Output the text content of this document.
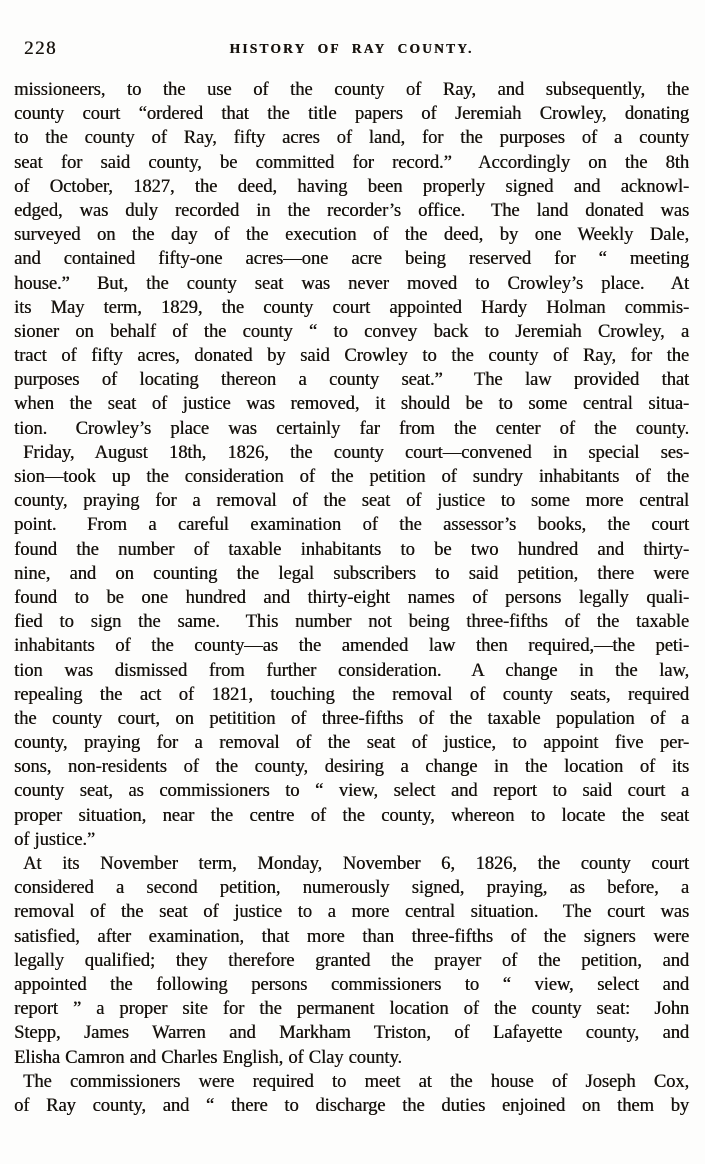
228	HISTORY OF RAY COUNTY.
missioneers, to the use of the county of Ray, and subsequently, the
county court “ordered that the title papers of Jeremiah Crowley, donating
to the county of Ray, fifty acres of land, for the purposes of a county
seat for said county, be committed for record.”  Accordingly on the 8th
of October, 1827, the deed, having been properly signed and acknowl-
edged, was duly recorded in the recorder’s office.  The land donated was
surveyed on the day of the execution of the deed, by one Weekly Dale,
and contained fifty-one acres—one acre being reserved for “ meeting
house.”  But, the county seat was never moved to Crowley’s place.  At
its May term, 1829, the county court appointed Hardy Holman commis-
sioner on behalf of the county “ to convey back to Jeremiah Crowley, a
tract of fifty acres, donated by said Crowley to the county of Ray, for the
purposes of locating thereon a county seat.”  The law provided that
when the seat of justice was removed, it should be to some central situa-
tion.  Crowley’s place was certainly far from the center of the county.
Friday, August 18th, 1826, the county court—convened in special ses-
sion—took up the consideration of the petition of sundry inhabitants of the
county, praying for a removal of the seat of justice to some more central
point.  From a careful examination of the assessor’s books, the court
found the number of taxable inhabitants to be two hundred and thirty-
nine, and on counting the legal subscribers to said petition, there were
found to be one hundred and thirty-eight names of persons legally quali-
fied to sign the same.  This number not being three-fifths of the taxable
inhabitants of the county—as the amended law then required,—the peti-
tion was dismissed from further consideration.  A change in the law,
repealing the act of 1821, touching the removal of county seats, required
the county court, on petitition of three-fifths of the taxable population of a
county, praying for a removal of the seat of justice, to appoint five per-
sons, non-residents of the county, desiring a change in the location of its
county seat, as commissioners to “ view, select and report to said court a
proper situation, near the centre of the county, whereon to locate the seat
of justice.”
At its November term, Monday, November 6, 1826, the county court
considered a second petition, numerously signed, praying, as before, a
removal of the seat of justice to a more central situation.  The court was
satisfied, after examination, that more than three-fifths of the signers were
legally qualified; they therefore granted the prayer of the petition, and
appointed the following persons commissioners to “ view, select and
report ” a proper site for the permanent location of the county seat:  John
Stepp, James Warren and Markham Triston, of Lafayette county, and
Elisha Camron and Charles English, of Clay county.
The commissioners were required to meet at the house of Joseph Cox,
of Ray county, and “ there to discharge the duties enjoined on them by
